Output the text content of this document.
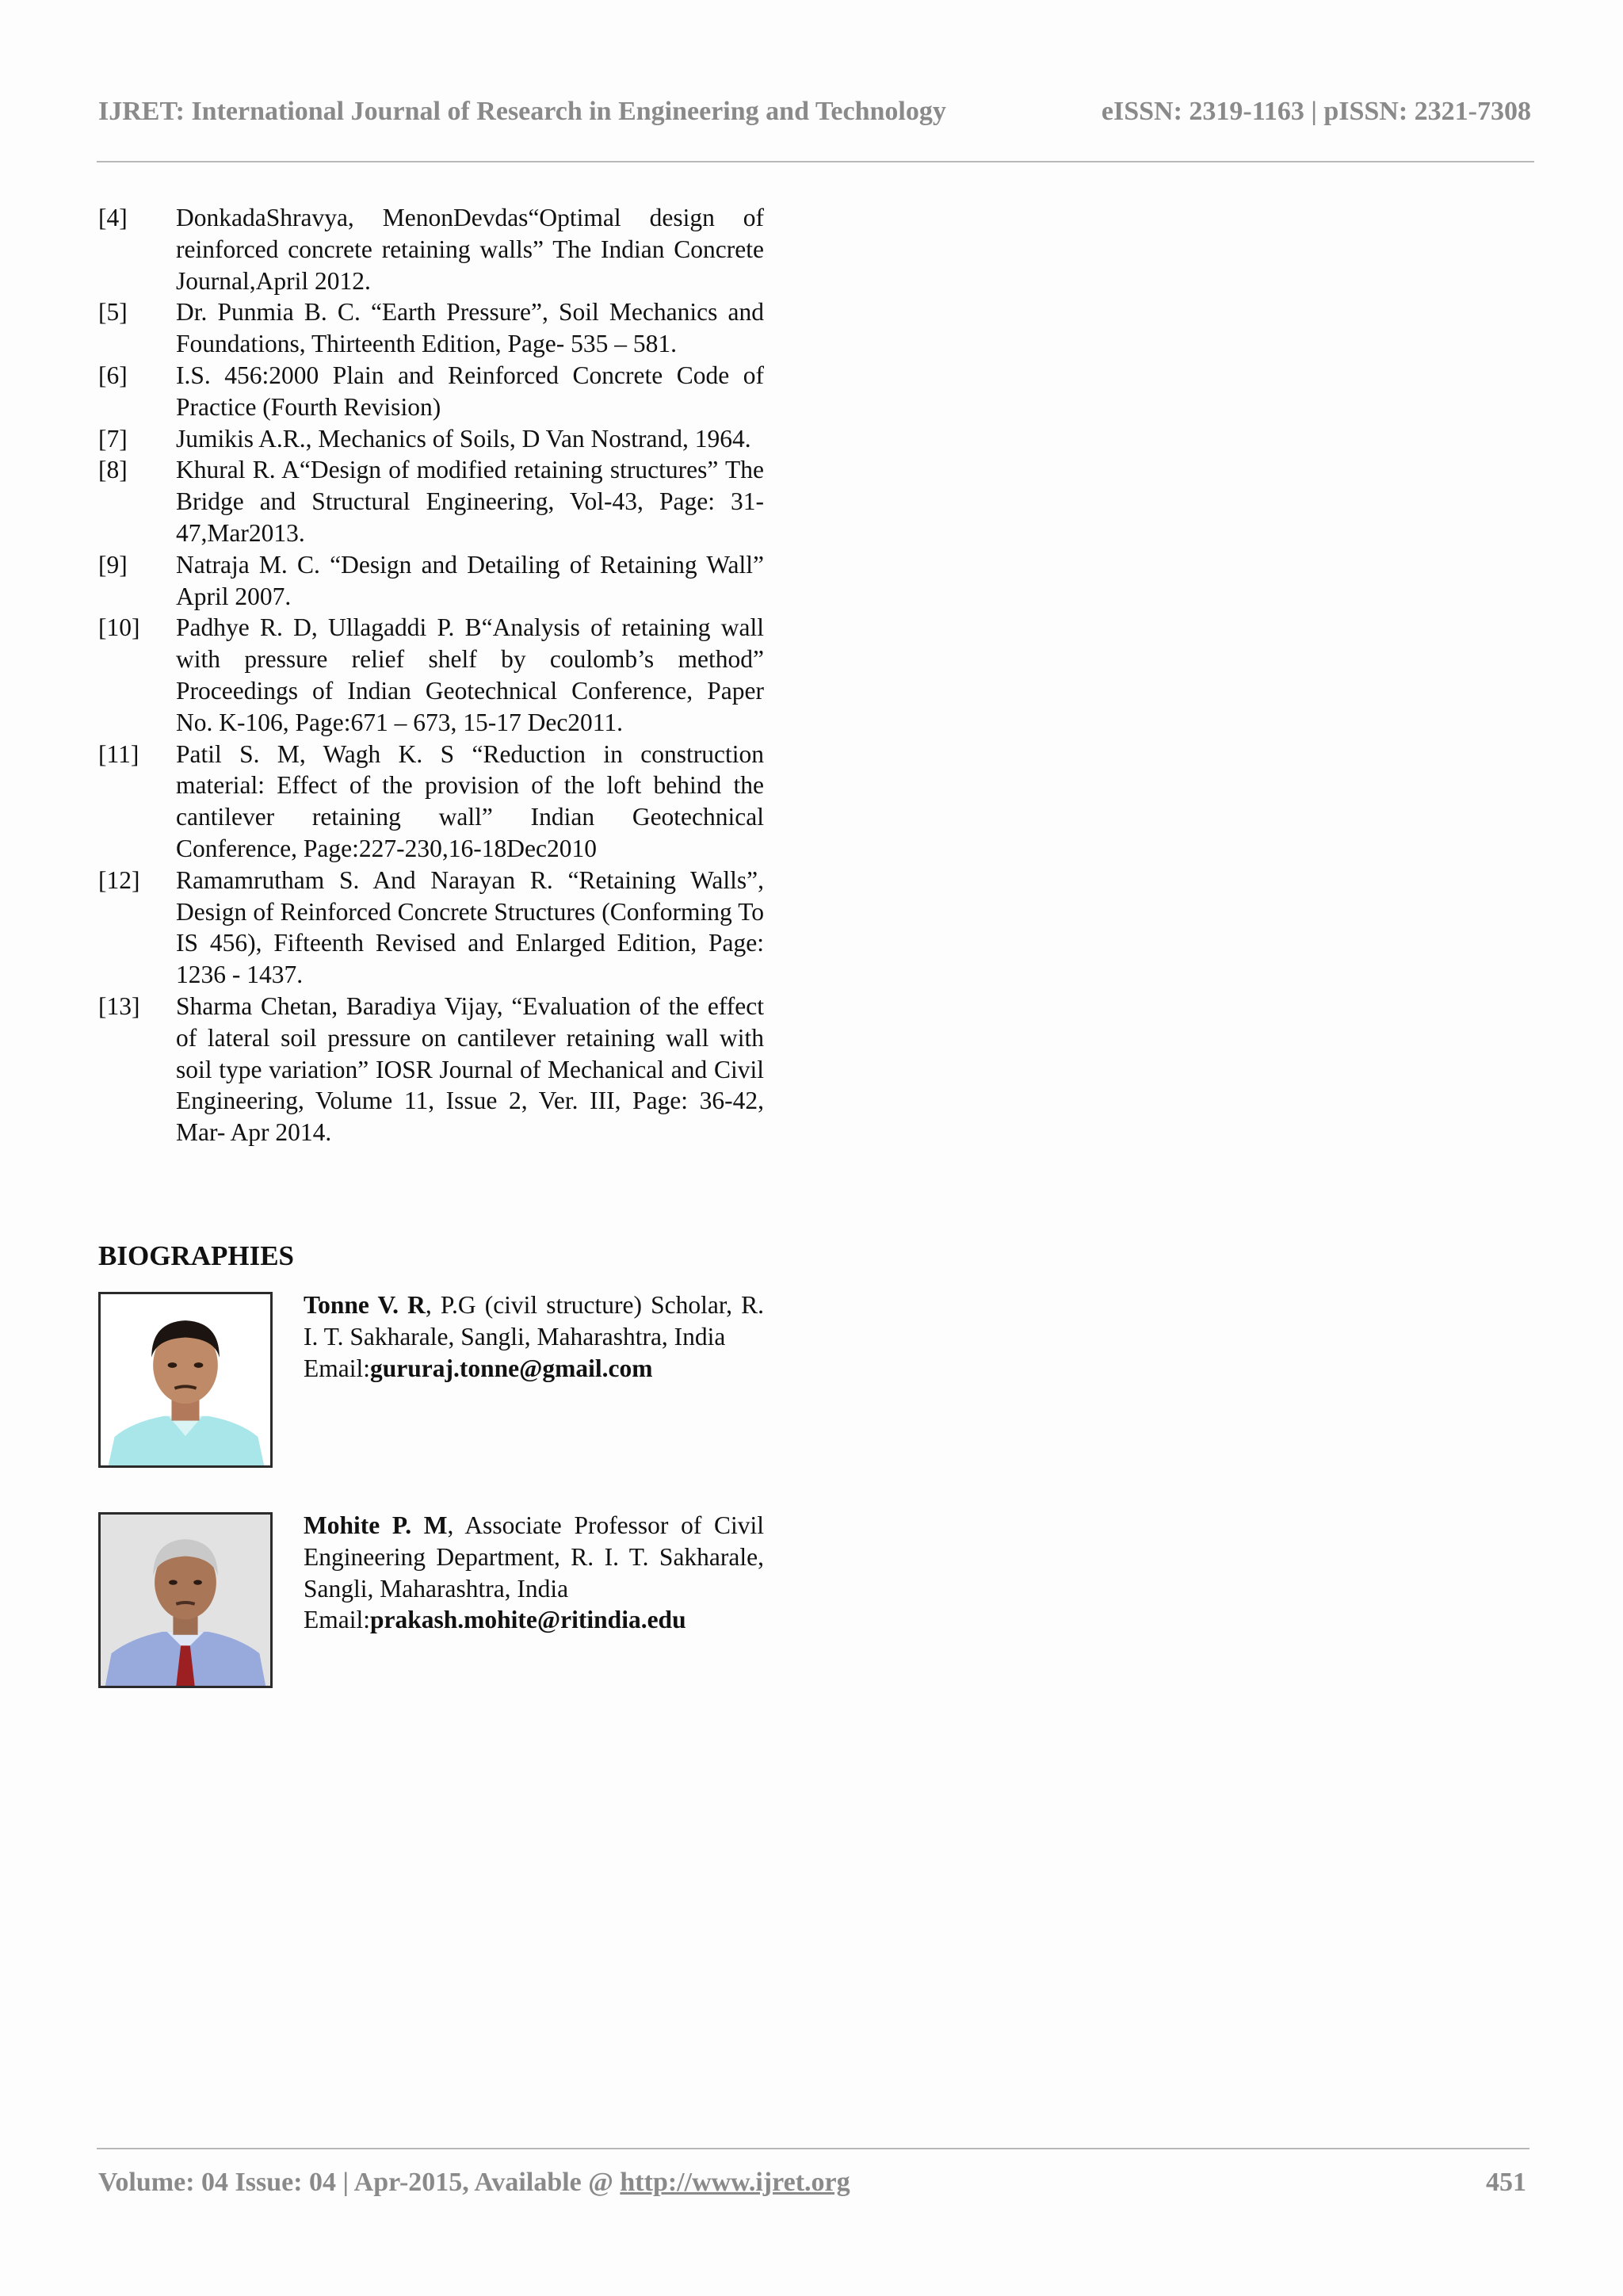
IJRET: International Journal of Research in Engineering and Technology	eISSN: 2319-1163 | pISSN: 2321-7308
[4] DonkadaShravya, MenonDevdas“Optimal design of reinforced concrete retaining walls” The Indian Concrete Journal,April 2012.
[5] Dr. Punmia B. C. “Earth Pressure”, Soil Mechanics and Foundations, Thirteenth Edition, Page- 535 – 581.
[6] I.S. 456:2000 Plain and Reinforced Concrete Code of Practice (Fourth Revision)
[7] Jumikis A.R., Mechanics of Soils, D Van Nostrand, 1964.
[8] Khural R. A“Design of modified retaining structures” The Bridge and Structural Engineering, Vol-43, Page: 31- 47,Mar2013.
[9] Natraja M. C. “Design and Detailing of Retaining Wall” April 2007.
[10] Padhye R. D, Ullagaddi P. B“Analysis of retaining wall with pressure relief shelf by coulomb’s method” Proceedings of Indian Geotechnical Conference, Paper No. K-106, Page:671 – 673, 15-17 Dec2011.
[11] Patil S. M, Wagh K. S “Reduction in construction material: Effect of the provision of the loft behind the cantilever retaining wall” Indian Geotechnical Conference, Page:227-230,16-18Dec2010
[12] Ramamrutham S. And Narayan R. “Retaining Walls”, Design of Reinforced Concrete Structures (Conforming To IS 456), Fifteenth Revised and Enlarged Edition, Page: 1236 - 1437.
[13] Sharma Chetan, Baradiya Vijay, “Evaluation of the effect of lateral soil pressure on cantilever retaining wall with soil type variation” IOSR Journal of Mechanical and Civil Engineering, Volume 11, Issue 2, Ver. III, Page: 36-42, Mar- Apr 2014.
BIOGRAPHIES
Tonne V. R, P.G (civil structure) Scholar, R. I. T. Sakharale, Sangli, Maharashtra, India
Email:gururaj.tonne@gmail.com
Mohite P. M, Associate Professor of Civil Engineering Department, R. I. T. Sakharale, Sangli, Maharashtra, India
Email:prakash.mohite@ritindia.edu
Volume: 04 Issue: 04 | Apr-2015, Available @ http://www.ijret.org	451
